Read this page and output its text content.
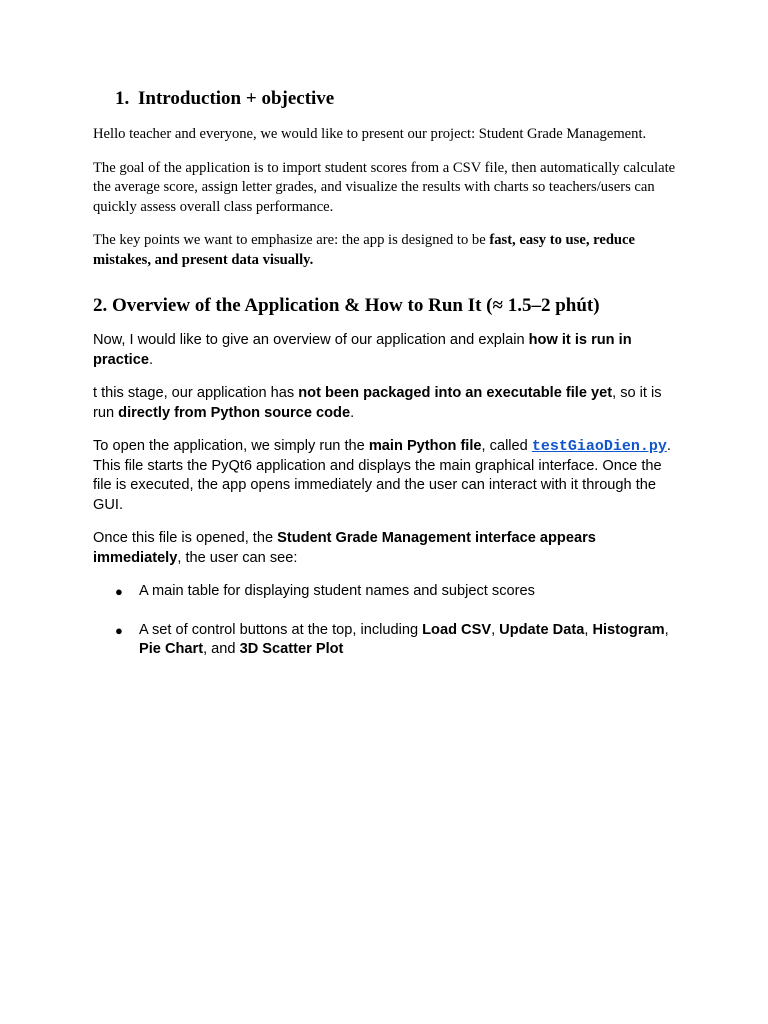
1. Introduction + objective

Hello teacher and everyone, we would like to present our project: Student Grade Management.

The goal of the application is to import student scores from a CSV file, then automatically calculate the average score, assign letter grades, and visualize the results with charts so teachers/users can quickly assess overall class performance.

The key points we want to emphasize are: the app is designed to be fast, easy to use, reduce mistakes, and present data visually.

2. Overview of the Application & How to Run It (≈ 1.5–2 phút)

Now, I would like to give an overview of our application and explain how it is run in practice.

t this stage, our application has not been packaged into an executable file yet, so it is run directly from Python source code.

To open the application, we simply run the main Python file, called testGiaoDien.py. This file starts the PyQt6 application and displays the main graphical interface. Once the file is executed, the app opens immediately and the user can interact with it through the GUI.

Once this file is opened, the Student Grade Management interface appears immediately, the user can see:

● A main table for displaying student names and subject scores
● A set of control buttons at the top, including Load CSV, Update Data, Histogram, Pie Chart, and 3D Scatter Plot
